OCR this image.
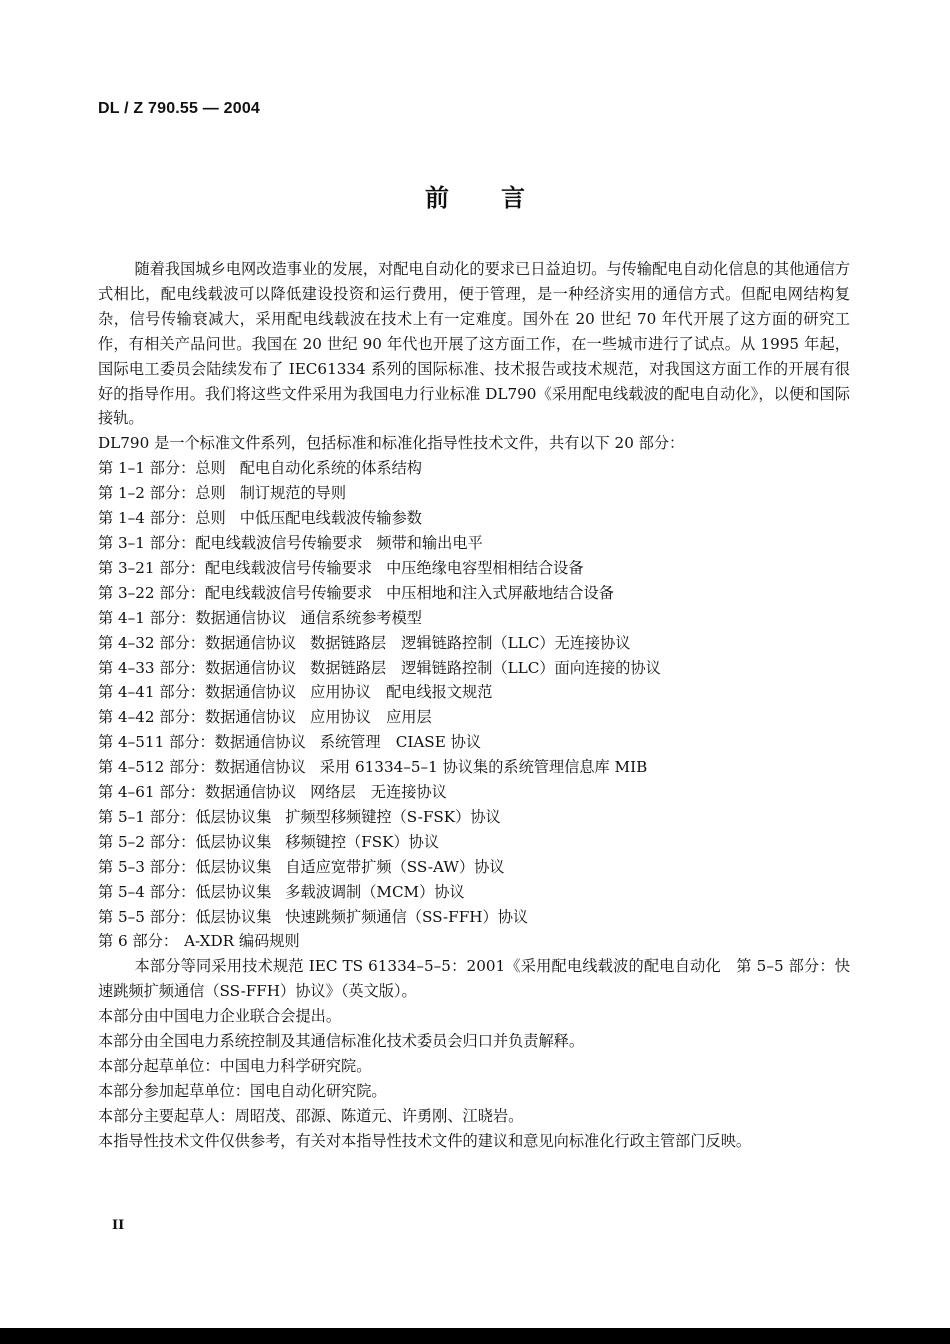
DL / Z 790.55 — 2004
前 言

随着我国城乡电网改造事业的发展，对配电自动化的要求已日益迫切。与传输配电自动化信息的其他通信方式相比，配电线载波可以降低建设投资和运行费用，便于管理，是一种经济实用的通信方式。但配电网结构复杂，信号传输衰减大，采用配电线载波在技术上有一定难度。国外在 20 世纪 70 年代开展了这方面的研究工作，有相关产品问世。我国在 20 世纪 90 年代也开展了这方面工作，在一些城市进行了试点。从 1995 年起，国际电工委员会陆续发布了 IEC61334 系列的国际标准、技术报告或技术规范，对我国这方面工作的开展有很好的指导作用。我们将这些文件采用为我国电力行业标准 DL790《采用配电线载波的配电自动化》，以便和国际接轨。

DL790 是一个标准文件系列，包括标准和标准化指导性技术文件，共有以下 20 部分：

第 1–1 部分：总则 配电自动化系统的体系结构

第 1–2 部分：总则 制订规范的导则

第 1–4 部分：总则 中低压配电线载波传输参数

第 3–1 部分：配电线载波信号传输要求 频带和输出电平

第 3–21 部分：配电线载波信号传输要求 中压绝缘电容型相相结合设备

第 3–22 部分：配电线载波信号传输要求 中压相地和注入式屏蔽地结合设备

第 4–1 部分：数据通信协议 通信系统参考模型

第 4–32 部分：数据通信协议 数据链路层　逻辑链路控制（LLC）无连接协议

第 4–33 部分：数据通信协议 数据链路层　逻辑链路控制（LLC）面向连接的协议

第 4–41 部分：数据通信协议 应用协议　配电线报文规范

第 4–42 部分：数据通信协议 应用协议　应用层

第 4–511 部分：数据通信协议 系统管理　CIASE 协议

第 4–512 部分：数据通信协议 采用 61334–5–1 协议集的系统管理信息库 MIB

第 4–61 部分：数据通信协议 网络层　无连接协议

第 5–1 部分：低层协议集 扩频型移频键控（S-FSK）协议

第 5–2 部分：低层协议集 移频键控（FSK）协议

第 5–3 部分：低层协议集 自适应宽带扩频（SS-AW）协议

第 5–4 部分：低层协议集 多载波调制（MCM）协议

第 5–5 部分：低层协议集 快速跳频扩频通信（SS-FFH）协议

第 6 部分： A-XDR 编码规则

本部分等同采用技术规范 IEC TS 61334–5–5：2001《采用配电线载波的配电自动化　第 5–5 部分：快速跳频扩频通信（SS-FFH）协议》（英文版）。

本部分由中国电力企业联合会提出。

本部分由全国电力系统控制及其通信标准化技术委员会归口并负责解释。

本部分起草单位：中国电力科学研究院。

本部分参加起草单位：国电自动化研究院。

本部分主要起草人：周昭茂、邵源、陈道元、许勇刚、江晓岩。

本指导性技术文件仅供参考，有关对本指导性技术文件的建议和意见向标准化行政主管部门反映。

II
